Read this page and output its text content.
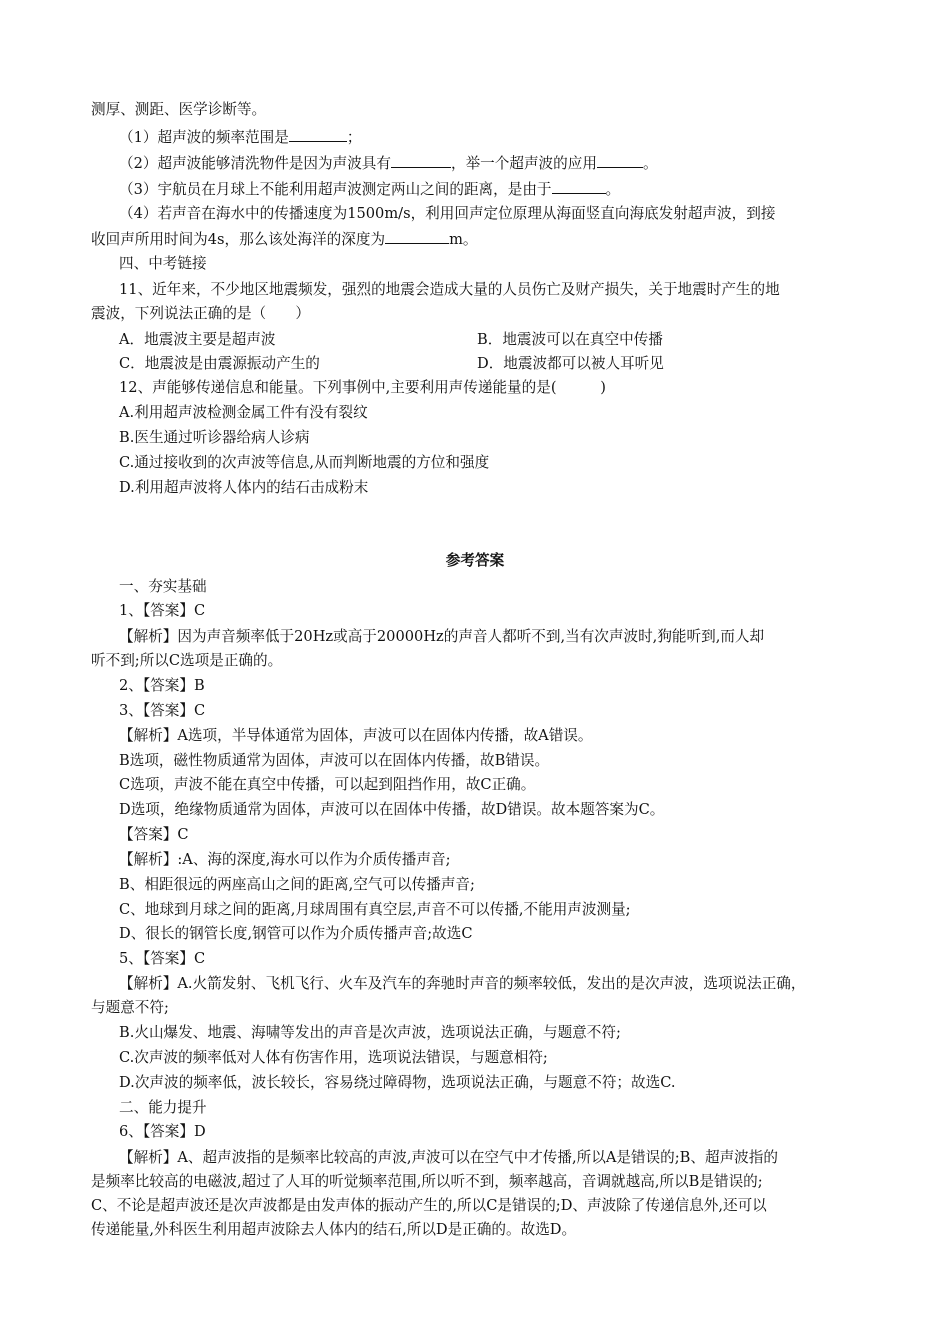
测厚、测距、医学诊断等。
（1）超声波的频率范围是	；
（2）超声波能够清洗物件是因为声波具有	，举一个超声波的应用	。
（3）宇航员在月球上不能利用超声波测定两山之间的距离，是由于	。
（4）若声音在海水中的传播速度为1500m/s，利用回声定位原理从海面竖直向海底发射超声波，到接
收回声所用时间为4s，那么该处海洋的深度为	m。
四、中考链接
11、近年来，不少地区地震频发，强烈的地震会造成大量的人员伤亡及财产损失，关于地震时产生的地
震波，下列说法正确的是（　　）
A．地震波主要是超声波	B．地震波可以在真空中传播
C．地震波是由震源振动产生的	D．地震波都可以被人耳听见
12、声能够传递信息和能量。下列事例中,主要利用声传递能量的是(　　　)
A.利用超声波检测金属工件有没有裂纹
B.医生通过听诊器给病人诊病
C.通过接收到的次声波等信息,从而判断地震的方位和强度
D.利用超声波将人体内的结石击成粉末
参考答案
一、夯实基础
1、【答案】C
【解析】因为声音频率低于20Hz或高于20000Hz的声音人都听不到,当有次声波时,狗能听到,而人却
听不到;所以C选项是正确的。
2、【答案】B
3、【答案】C
【解析】A选项，半导体通常为固体，声波可以在固体内传播，故A错误。
B选项，磁性物质通常为固体，声波可以在固体内传播，故B错误。
C选项，声波不能在真空中传播，可以起到阻挡作用，故C正确。
D选项，绝缘物质通常为固体，声波可以在固体中传播，故D错误。故本题答案为C。
【答案】C
【解析】:A、海的深度,海水可以作为介质传播声音;
B、相距很远的两座高山之间的距离,空气可以传播声音;
C、地球到月球之间的距离,月球周围有真空层,声音不可以传播,不能用声波测量;
D、很长的钢管长度,钢管可以作为介质传播声音;故选C
5、【答案】C
【解析】A.火箭发射、飞机飞行、火车及汽车的奔驰时声音的频率较低，发出的是次声波，选项说法正确，
与题意不符;
B.火山爆发、地震、海啸等发出的声音是次声波，选项说法正确，与题意不符;
C.次声波的频率低对人体有伤害作用，选项说法错误，与题意相符;
D.次声波的频率低，波长较长，容易绕过障碍物，选项说法正确，与题意不符；故选C.
二、能力提升
6、【答案】D
【解析】A、超声波指的是频率比较高的声波,声波可以在空气中才传播,所以A是错误的;B、超声波指的
是频率比较高的电磁波,超过了人耳的听觉频率范围,所以听不到，频率越高，音调就越高,所以B是错误的;
C、不论是超声波还是次声波都是由发声体的振动产生的,所以C是错误的;D、声波除了传递信息外,还可以
传递能量,外科医生利用超声波除去人体内的结石,所以D是正确的。故选D。
